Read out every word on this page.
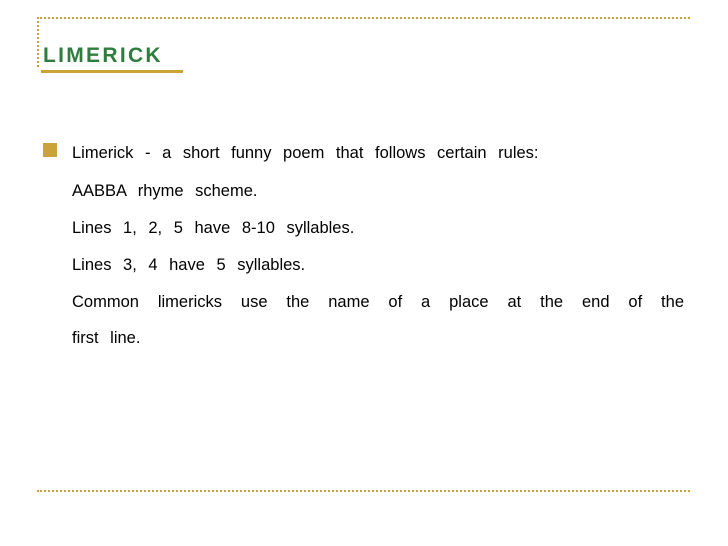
LIMERICK
Limerick - a short funny poem that follows certain rules:
AABBA rhyme scheme.
Lines 1, 2, 5 have 8-10 syllables.
Lines 3, 4 have 5 syllables.
Common limericks use the name of a place at the end of the
first line.
